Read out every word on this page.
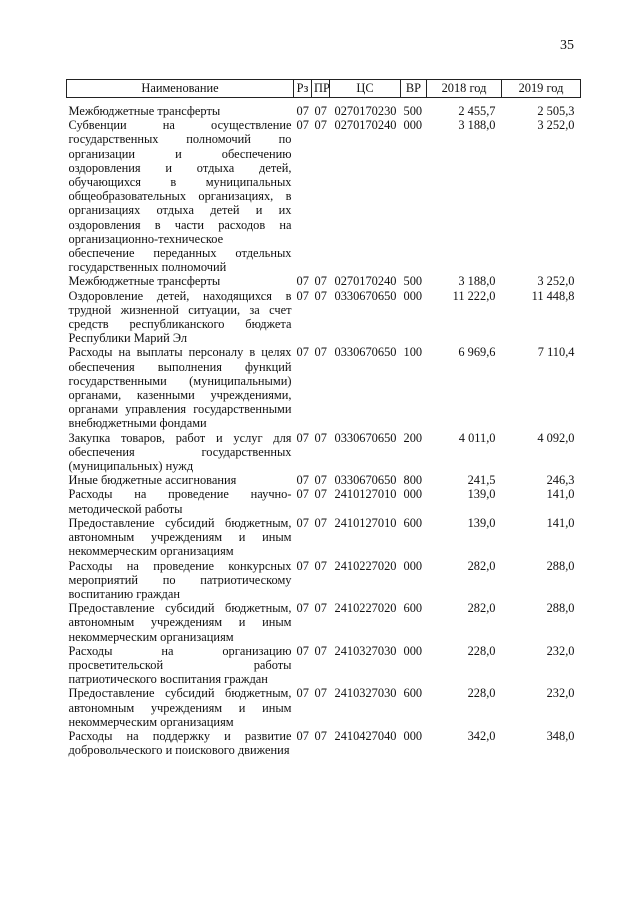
35
Наименование	Рз	ПР	ЦС	ВР	2018 год	2019 год

Межбюджетные трансферты	07	07	0270170230	500	2 455,7	2 505,3
Субвенции на осуществление государственных полномочий по организации и обеспечению оздоровления и отдыха детей, обучающихся в муниципальных общеобразовательных организациях, в организациях отдыха детей и их оздоровления в части расходов на организационно-техническое обеспечение переданных отдельных государственных полномочий	07	07	0270170240	000	3 188,0	3 252,0
Межбюджетные трансферты	07	07	0270170240	500	3 188,0	3 252,0
Оздоровление детей, находящихся в трудной жизненной ситуации, за счет средств республиканского бюджета Республики Марий Эл	07	07	0330670650	000	11 222,0	11 448,8
Расходы на выплаты персоналу в целях обеспечения выполнения функций государственными (муниципальными) органами, казенными учреждениями, органами управления государственными внебюджетными фондами	07	07	0330670650	100	6 969,6	7 110,4
Закупка товаров, работ и услуг для обеспечения государственных (муниципальных) нужд	07	07	0330670650	200	4 011,0	4 092,0
Иные бюджетные ассигнования	07	07	0330670650	800	241,5	246,3
Расходы на проведение научно-методической работы	07	07	2410127010	000	139,0	141,0
Предоставление субсидий бюджетным, автономным учреждениям и иным некоммерческим организациям	07	07	2410127010	600	139,0	141,0
Расходы на проведение конкурсных мероприятий по патриотическому воспитанию граждан	07	07	2410227020	000	282,0	288,0
Предоставление субсидий бюджетным, автономным учреждениям и иным некоммерческим организациям	07	07	2410227020	600	282,0	288,0
Расходы на организацию просветительской работы патриотического воспитания граждан	07	07	2410327030	000	228,0	232,0
Предоставление субсидий бюджетным, автономным учреждениям и иным некоммерческим организациям	07	07	2410327030	600	228,0	232,0
Расходы на поддержку и развитие добровольческого и поискового движения	07	07	2410427040	000	342,0	348,0
